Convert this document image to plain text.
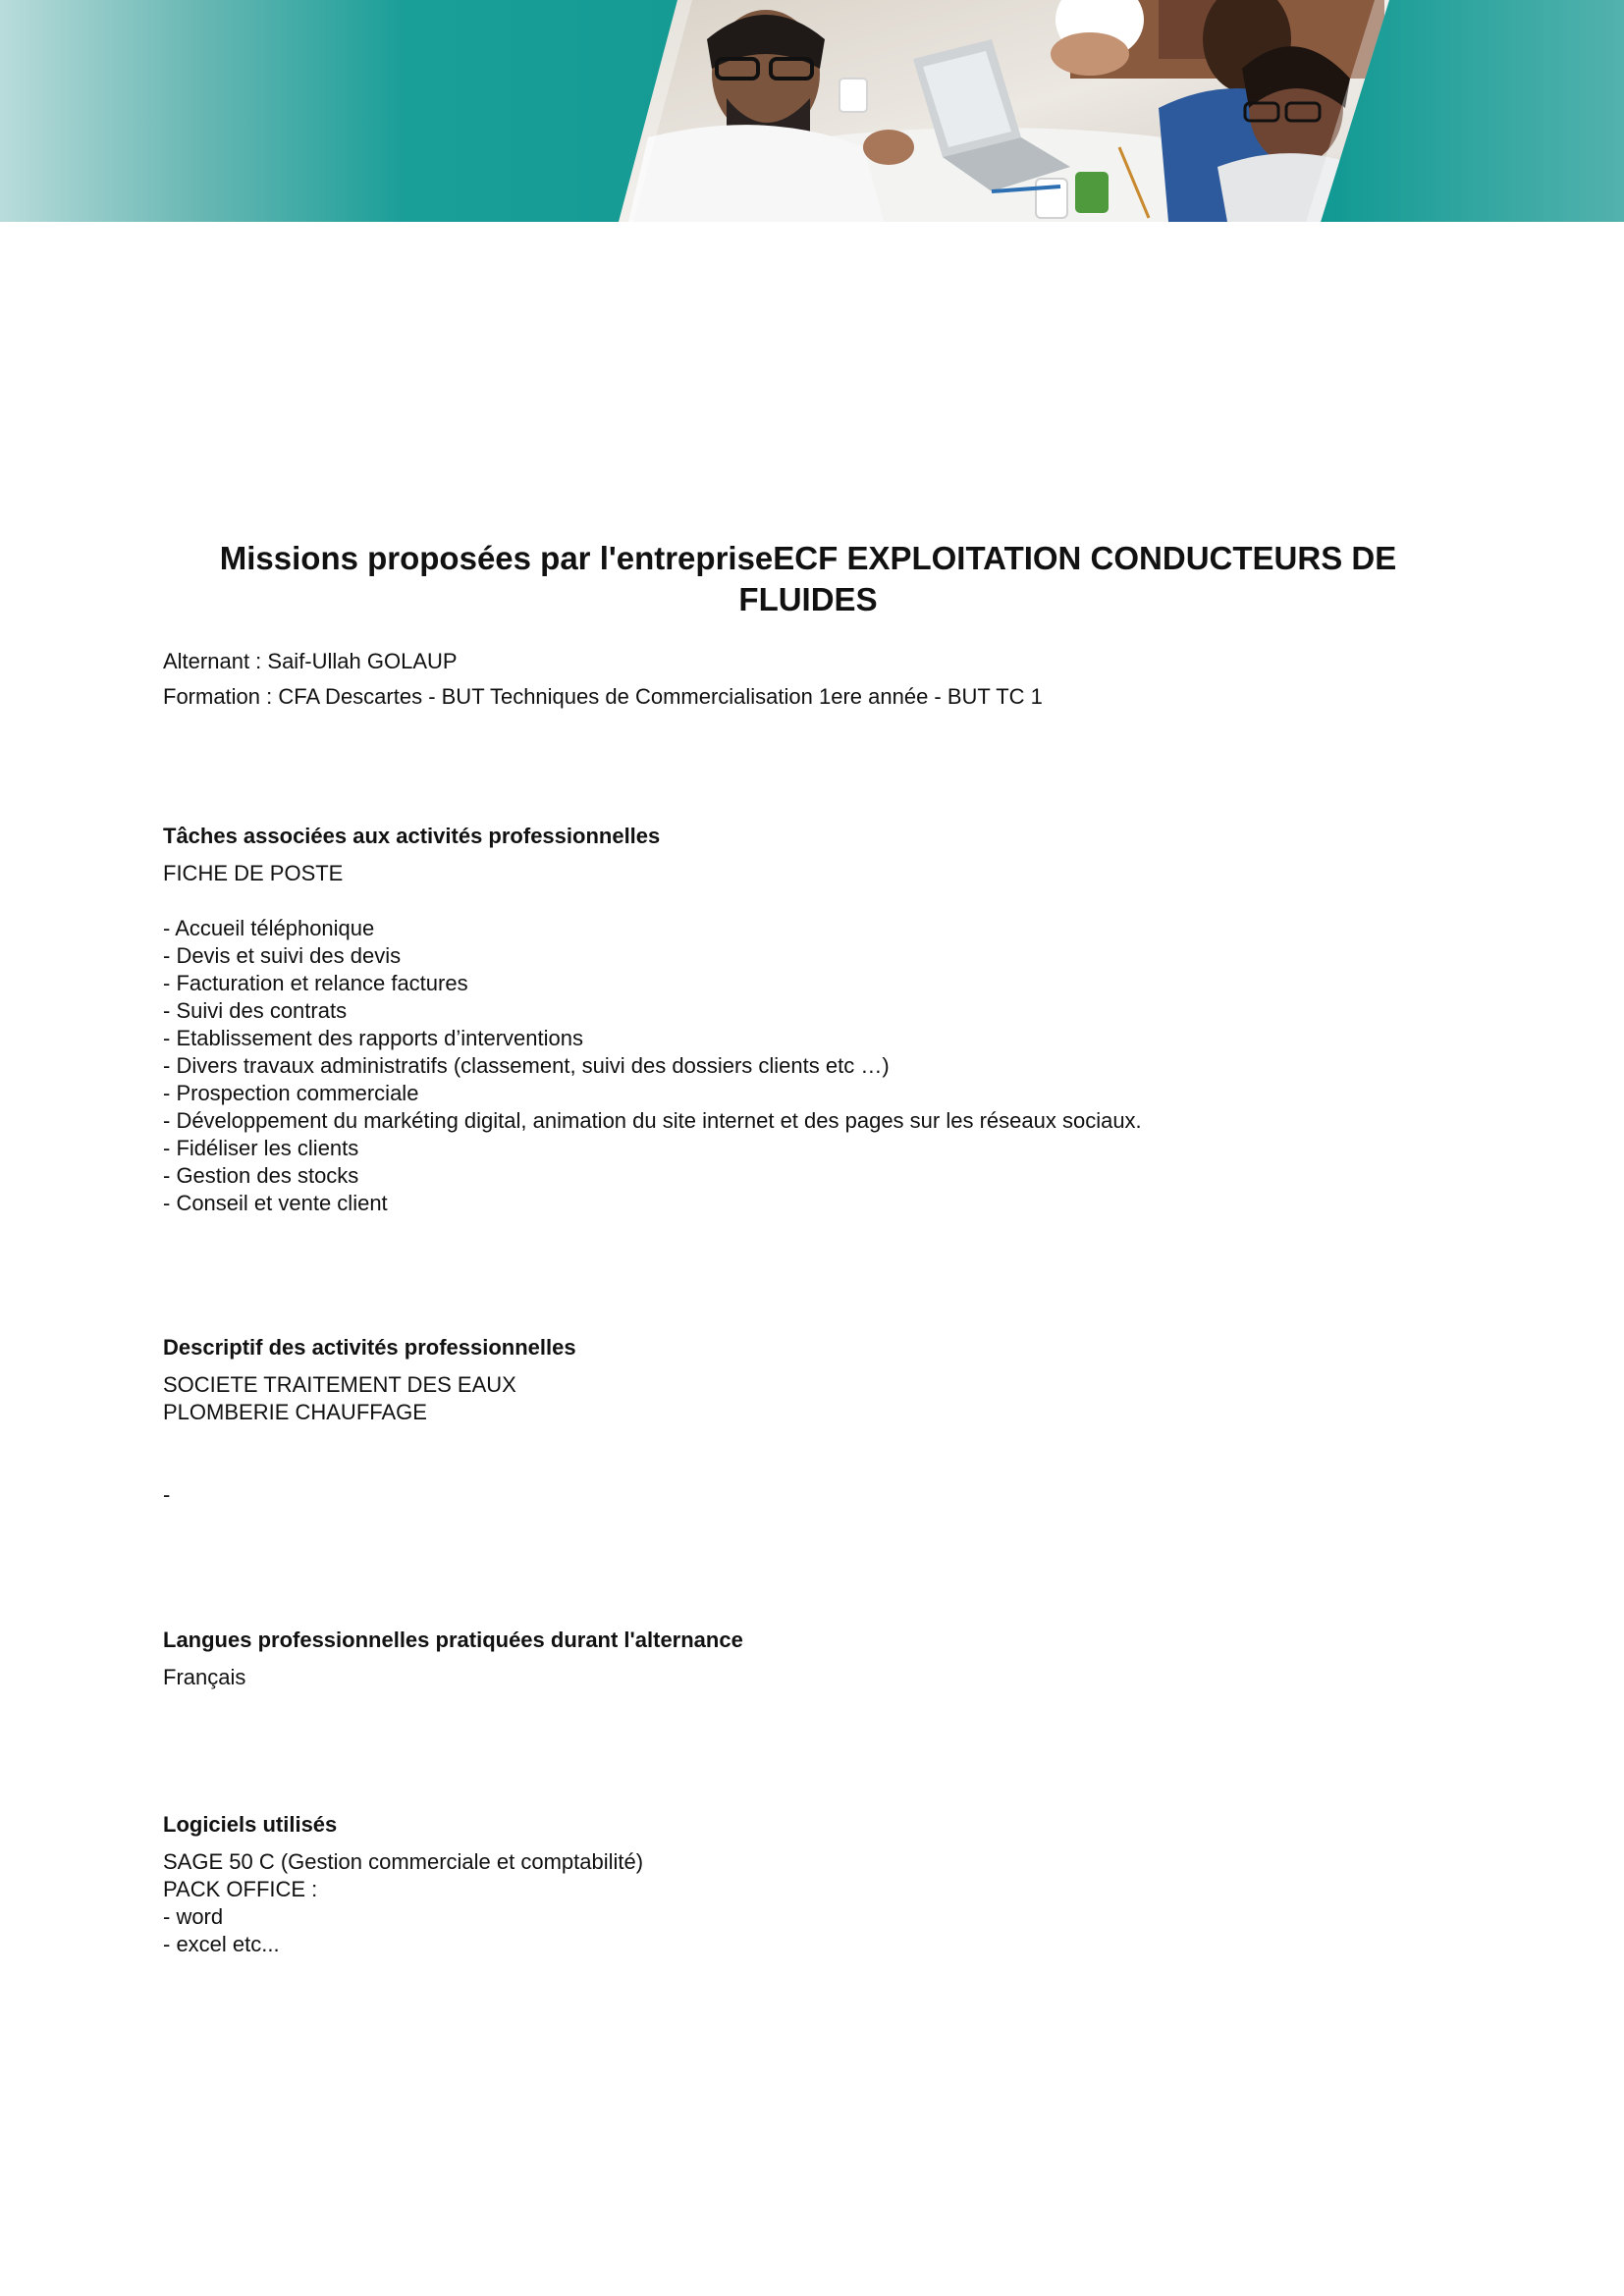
Missions proposées par l'entrepriseECF EXPLOITATION CONDUCTEURS DE FLUIDES
Alternant : Saif-Ullah GOLAUP
Formation : CFA Descartes - BUT Techniques de Commercialisation 1ere année - BUT TC 1
Tâches associées aux activités professionnelles
FICHE DE POSTE
- Accueil téléphonique
- Devis et suivi des devis
- Facturation et relance factures
- Suivi des contrats
- Etablissement des rapports d’interventions
- Divers travaux administratifs (classement, suivi des dossiers clients etc …)
- Prospection commerciale
- Développement du markéting digital, animation du site internet et des pages sur les réseaux sociaux.
- Fidéliser les clients
- Gestion des stocks
- Conseil et vente client
Descriptif des activités professionnelles
SOCIETE TRAITEMENT DES EAUX
PLOMBERIE CHAUFFAGE
-
Langues professionnelles pratiquées durant l'alternance
Français
Logiciels utilisés
SAGE 50 C (Gestion commerciale et comptabilité)
PACK OFFICE :
- word
- excel etc...
